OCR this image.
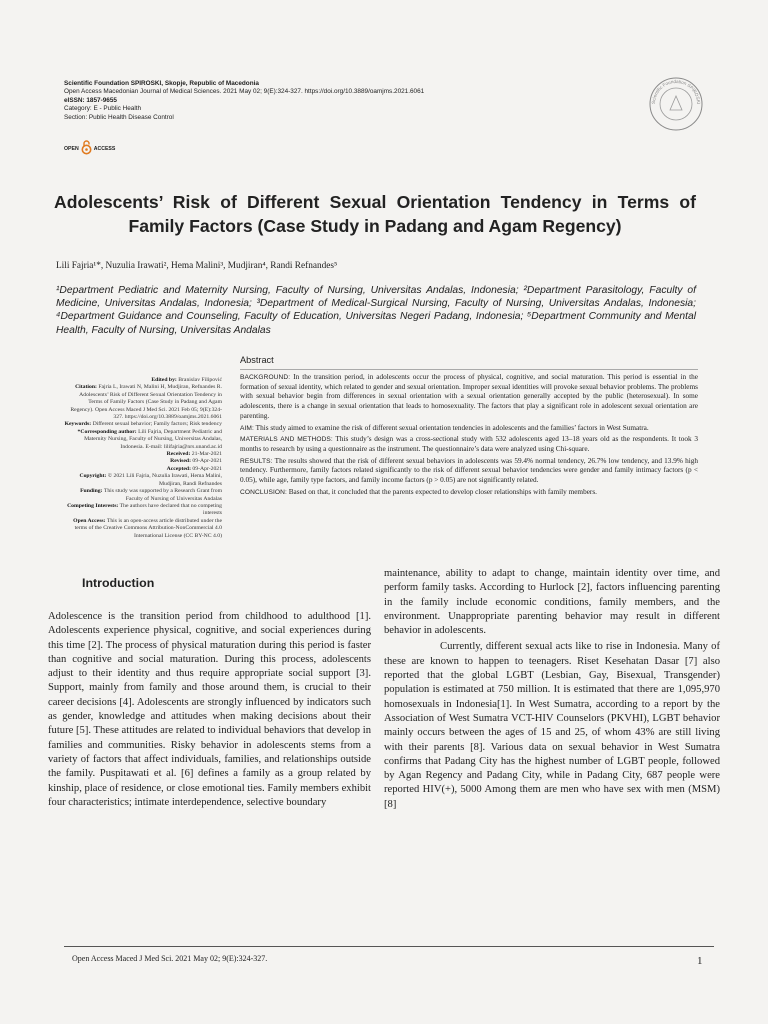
Scientific Foundation SPIROSKI, Skopje, Republic of Macedonia
Open Access Macedonian Journal of Medical Sciences. 2021 May 02; 9(E):324-327. https://doi.org/10.3889/oamjms.2021.6061
eISSN: 1857-9655
Category: E - Public Health
Section: Public Health Disease Control
Scientific Foundation SPIROSKI
OPEN	ACCESS
Adolescents’ Risk of Different Sexual Orientation Tendency in Terms of Family Factors (Case Study in Padang and Agam Regency)
Lili Fajria¹*, Nuzulia Irawati², Hema Malini³, Mudjiran⁴, Randi Refnandes⁵
¹Department Pediatric and Maternity Nursing, Faculty of Nursing, Universitas Andalas, Indonesia; ²Department Parasitology, Faculty of Medicine, Universitas Andalas, Indonesia; ³Department of Medical-Surgical Nursing, Faculty of Nursing, Universitas Andalas, Indonesia; ⁴Department Guidance and Counseling, Faculty of Education, Universitas Negeri Padang, Indonesia; ⁵Department Community and Mental Health, Faculty of Nursing, Universitas Andalas

Edited by: Branislav Filipović

Citation: Fajria L, Irawati N, Malini H, Mudjiran, Refnandes R. Adolescents’ Risk of Different Sexual Orientation Tendency in Terms of Family Factors (Case Study in Padang and Agam Regency). Open Access Maced J Med Sci. 2021 Feb 05; 9(E):324-327. https://doi.org/10.3889/oamjms.2021.6061

Keywords: Different sexual behavior; Family factors; Risk tendency

*Corresponding author: Lili Fajria, Department Pediatric and Maternity Nursing, Faculty of Nursing, Universitas Andalas, Indonesia. E-mail: lilifajria@nrs.unand.ac.id

Received: 21-Mar-2021

Revised: 09-Apr-2021

Accepted: 09-Apr-2021

Copyright: © 2021 Lili Fajria, Nuzulia Irawati, Hema Malini, Mudjiran, Randi Refnandes

Funding: This study was supported by a Research Grant from Faculty of Nursing of Universitas Andalas

Competing Interests: The authors have declared that no competing interests

Open Access: This is an open-access article distributed under the terms of the Creative Commons Attribution-NonCommercial 4.0 International License (CC BY-NC 4.0)

Abstract

BACKGROUND: In the transition period, in adolescents occur the process of physical, cognitive, and social maturation. This period is essential in the formation of sexual identity, which related to gender and sexual orientation. Improper sexual identities will provoke sexual behavior problems. The problems with sexual behavior begin from differences in sexual orientation with a sexual orientation generally accepted by the public (heterosexual). In some adolescents, there is a change in sexual orientation that leads to homosexuality. The factors that play a significant role in adolescent sexual orientation are parenting.

AIM: This study aimed to examine the risk of different sexual orientation tendencies in adolescents and the families’ factors in West Sumatra.

MATERIALS AND METHODS: This study’s design was a cross-sectional study with 532 adolescents aged 13–18 years old as the respondents. It took 3 months to research by using a questionnaire as the instrument. The questionnaire’s data were analyzed using Chi-square.

RESULTS: The results showed that the risk of different sexual behaviors in adolescents was 59.4% normal tendency, 26.7% low tendency, and 13.9% high tendency. Furthermore, family factors related significantly to the risk of different sexual behavior tendencies were gender and family intimacy factors (p < 0.05), while age, family type factors, and family income factors (p > 0.05) are not significantly related.

CONCLUSION: Based on that, it concluded that the parents expected to develop closer relationships with family members.

Introduction

Adolescence is the transition period from childhood to adulthood [1]. Adolescents experience physical, cognitive, and social experiences during this time [2]. The process of physical maturation during this period is faster than cognitive and social maturation. During this process, adolescents adjust to their identity and thus require appropriate social support [3]. Support, mainly from family and those around them, is crucial to their career decisions [4]. Adolescents are strongly influenced by indicators such as gender, knowledge and attitudes when making decisions about their future [5]. These attitudes are related to individual behaviors that develop in families and communities. Risky behavior in adolescents stems from a variety of factors that affect individuals, families, and relationships outside the family. Puspitawati et al. [6] defines a family as a group related by kinship, place of residence, or close emotional ties. Family members exhibit four characteristics; intimate interdependence, selective boundary

maintenance, ability to adapt to change, maintain identity over time, and perform family tasks. According to Hurlock [2], factors influencing parenting in the family include economic conditions, family members, and the environment. Unappropriate parenting behavior may result in different behavior in adolescents.

Currently, different sexual acts like to rise in Indonesia. Many of these are known to happen to teenagers. Riset Kesehatan Dasar [7] also reported that the global LGBT (Lesbian, Gay, Bisexual, Transgender) population is estimated at 750 million. It is estimated that there are 1,095,970 homosexuals in Indonesia[1]. In West Sumatra, according to a report by the Association of West Sumatra VCT-HIV Counselors (PKVHI), LGBT behavior mainly occurs between the ages of 15 and 25, of whom 43% are still living with their parents [8]. Various data on sexual behavior in West Sumatra confirms that Padang City has the highest number of LGBT people, followed by Agan Regency and Padang City, while in Padang City, 687 people were reported HIV(+), 5000 Among them are men who have sex with men (MSM) [8]

Open Access Maced J Med Sci. 2021 May 02; 9(E):324-327.	1
